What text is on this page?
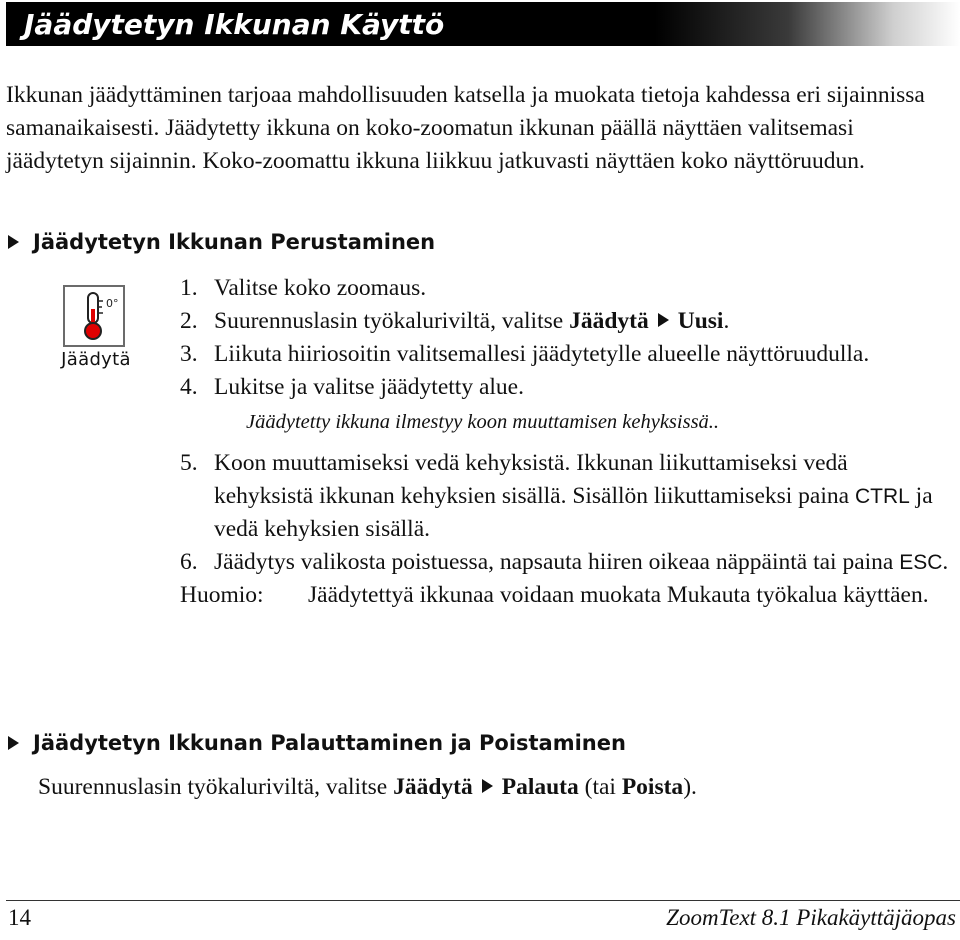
Jäädytetyn Ikkunan Käyttö

Ikkunan jäädyttäminen tarjoaa mahdollisuuden katsella ja muokata tietoja kahdessa eri sijainnissa samanaikaisesti. Jäädytetty ikkuna on koko-zoomatun ikkunan päällä näyttäen valitsemasi jäädytetyn sijainnin. Koko-zoomattu ikkuna liikkuu jatkuvasti näyttäen koko näyttöruudun.

Jäädytetyn Ikkunan Perustaminen
0°
Jäädytä
1. Valitse koko zoomaus.
2. Suurennuslasin työkaluriviltä, valitse Jäädytä Uusi.
3. Liikuta hiiriosoitin valitsemallesi jäädytetylle alueelle näyttöruudulla.
4. Lukitse ja valitse jäädytetty alue.
Jäädytetty ikkuna ilmestyy koon muuttamisen kehyksissä..
5. Koon muuttamiseksi vedä kehyksistä. Ikkunan liikuttamiseksi vedä kehyksistä ikkunan kehyksien sisällä. Sisällön liikuttamiseksi paina CTRL ja vedä kehyksien sisällä.
6. Jäädytys valikosta poistuessa, napsauta hiiren oikeaa näppäintä tai paina ESC.
Huomio:	Jäädytettyä ikkunaa voidaan muokata Mukauta työkalua käyttäen.
Jäädytetyn Ikkunan Palauttaminen ja Poistaminen
Suurennuslasin työkaluriviltä, valitse Jäädytä Palauta (tai Poista).
14	ZoomText 8.1 Pikakäyttäjäopas
